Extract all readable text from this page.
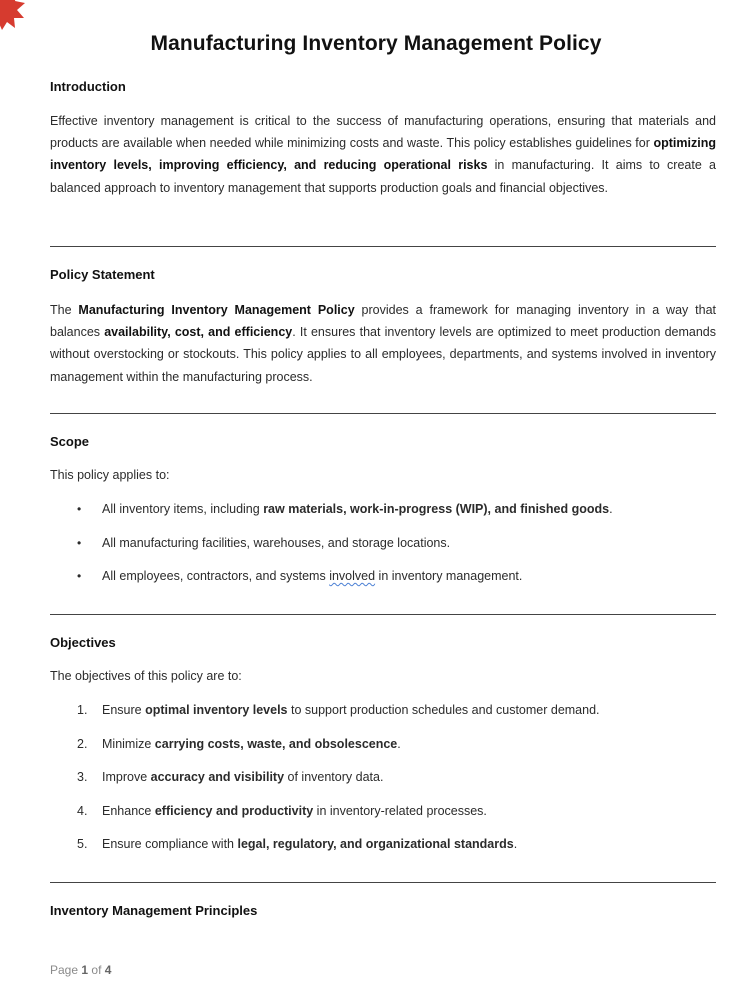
Manufacturing Inventory Management Policy

Introduction

Effective inventory management is critical to the success of manufacturing operations, ensuring that materials and products are available when needed while minimizing costs and waste. This policy establishes guidelines for optimizing inventory levels, improving efficiency, and reducing operational risks in manufacturing. It aims to create a balanced approach to inventory management that supports production goals and financial objectives.

Policy Statement

The Manufacturing Inventory Management Policy provides a framework for managing inventory in a way that balances availability, cost, and efficiency. It ensures that inventory levels are optimized to meet production demands without overstocking or stockouts. This policy applies to all employees, departments, and systems involved in inventory management within the manufacturing process.

Scope

This policy applies to:

• All inventory items, including raw materials, work-in-progress (WIP), and finished goods.
• All manufacturing facilities, warehouses, and storage locations.
• All employees, contractors, and systems involved in inventory management.

Objectives

The objectives of this policy are to:

1. Ensure optimal inventory levels to support production schedules and customer demand.
2. Minimize carrying costs, waste, and obsolescence.
3. Improve accuracy and visibility of inventory data.
4. Enhance efficiency and productivity in inventory-related processes.
5. Ensure compliance with legal, regulatory, and organizational standards.

Inventory Management Principles

Page 1 of 4
